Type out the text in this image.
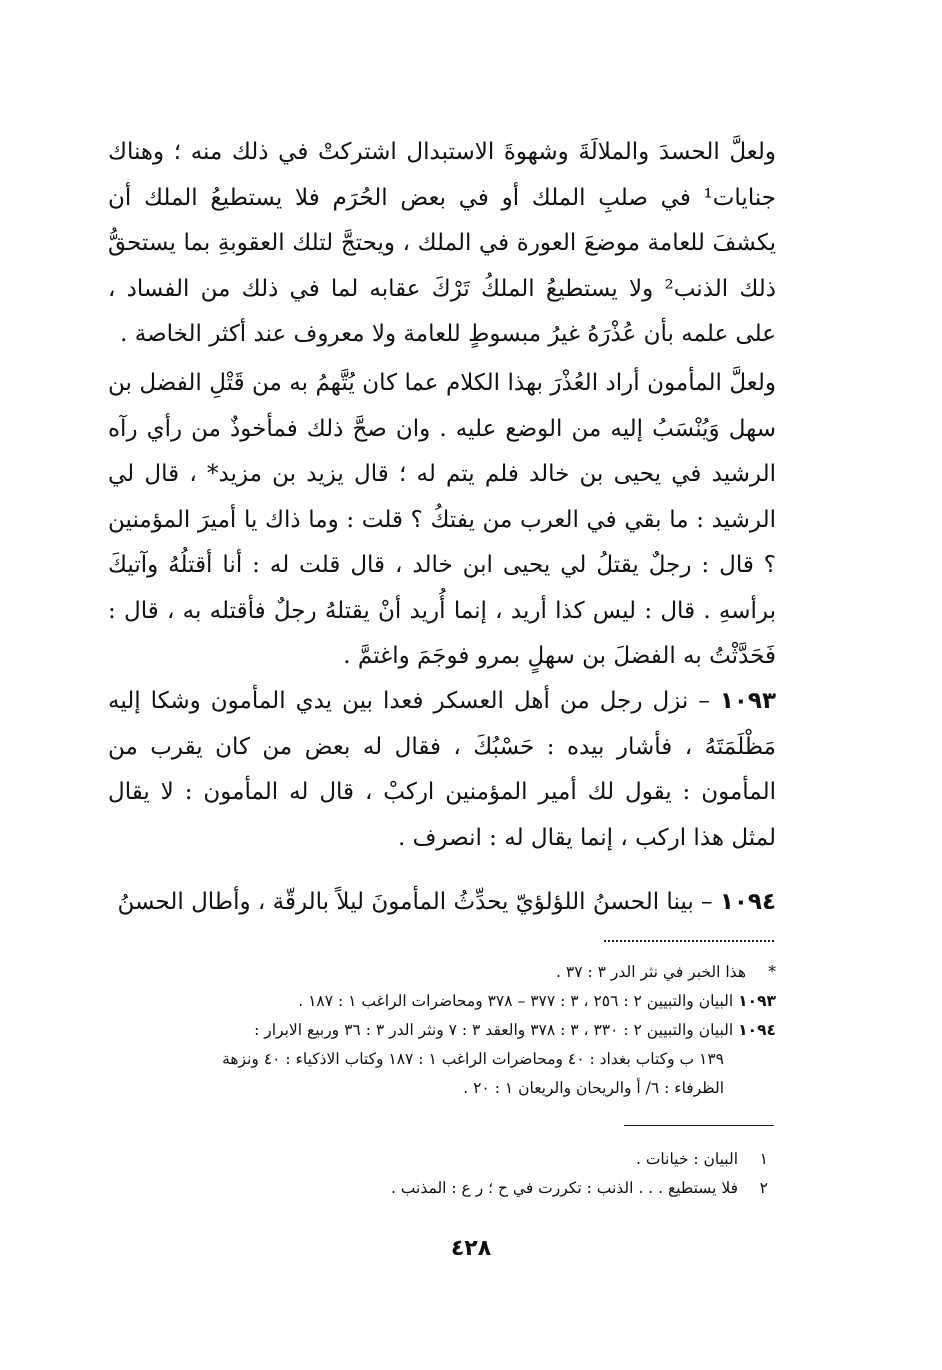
ولعلَّ الحسدَ والملالَةَ وشهوةَ الاستبدال اشتركتْ في ذلك منه ؛ وهناك جنايات¹ في صلبِ الملك أو في بعض الحُرَم فلا يستطيعُ الملك أن يكشفَ للعامة موضعَ العورة في الملك ، ويحتجَّ لتلك العقوبةِ بما يستحقُّ ذلك الذنب² ولا يستطيعُ الملكُ تَرْكَ عقابه لما في ذلك من الفساد ، على علمه بأن عُذْرَهُ غيرُ مبسوطٍ للعامة ولا معروف عند أكثر الخاصة .

ولعلَّ المأمون أراد العُذْرَ بهذا الكلام عما كان يُتَّهمُ به من قَتْلِ الفضل بن سهل وَيُنْسَبُ إليه من الوضع عليه . وان صحَّ ذلك فمأخوذٌ من رأي رآه الرشيد في يحيى بن خالد فلم يتم له ؛ قال يزيد بن مزيد* ، قال لي الرشيد : ما بقي في العرب من يفتكُ ؟ قلت : وما ذاك يا أميرَ المؤمنين ؟ قال : رجلٌ يقتلُ لي يحيى ابن خالد ، قال قلت له : أنا أقتلُهُ وآتيكَ برأسهِ . قال : ليس كذا أريد ، إنما أُريد أنْ يقتلهُ رجلٌ فأقتله به ، قال : فَحَدَّثْتُ به الفضلَ بن سهلٍ بمرو فوجَمَ واغتمَّ .

١٠٩٣ – نزل رجل من أهل العسكر فعدا بين يدي المأمون وشكا إليه مَظْلَمَتَهُ ، فأشار بيده : حَسْبُكَ ، فقال له بعض من كان يقرب من المأمون : يقول لك أمير المؤمنين اركبْ ، قال له المأمون : لا يقال لمثل هذا اركب ، إنما يقال له : انصرف .

١٠٩٤ – بينا الحسنُ اللؤلؤيّ يحدِّثُ المأمونَ ليلاً بالرقّة ، وأطال الحسنُ

*هذا الخبر في نثر الدر ٣ : ٣٧ .
١٠٩٣ البيان والتبيين ٢ : ٢٥٦ ، ٣ : ٣٧٧ – ٣٧٨ ومحاضرات الراغب ١ : ١٨٧ .
١٠٩٤ البيان والتبيين ٢ : ٣٣٠ ، ٣ : ٣٧٨ والعقد ٣ : ٧ ونثر الدر ٣ : ٣٦ وربيع الابرار :
١٣٩ ب وكتاب بغداد : ٤٠ ومحاضرات الراغب ١ : ١٨٧ وكتاب الاذكياء : ٤٠ ونزهة
الظرفاء : ٦/ أ والريحان والريعان ١ : ٢٠ .
١البيان : خيانات .
٢فلا يستطيع . . . الذنب : تكررت في ح ؛ ر ع : المذنب .
٤٢٨
